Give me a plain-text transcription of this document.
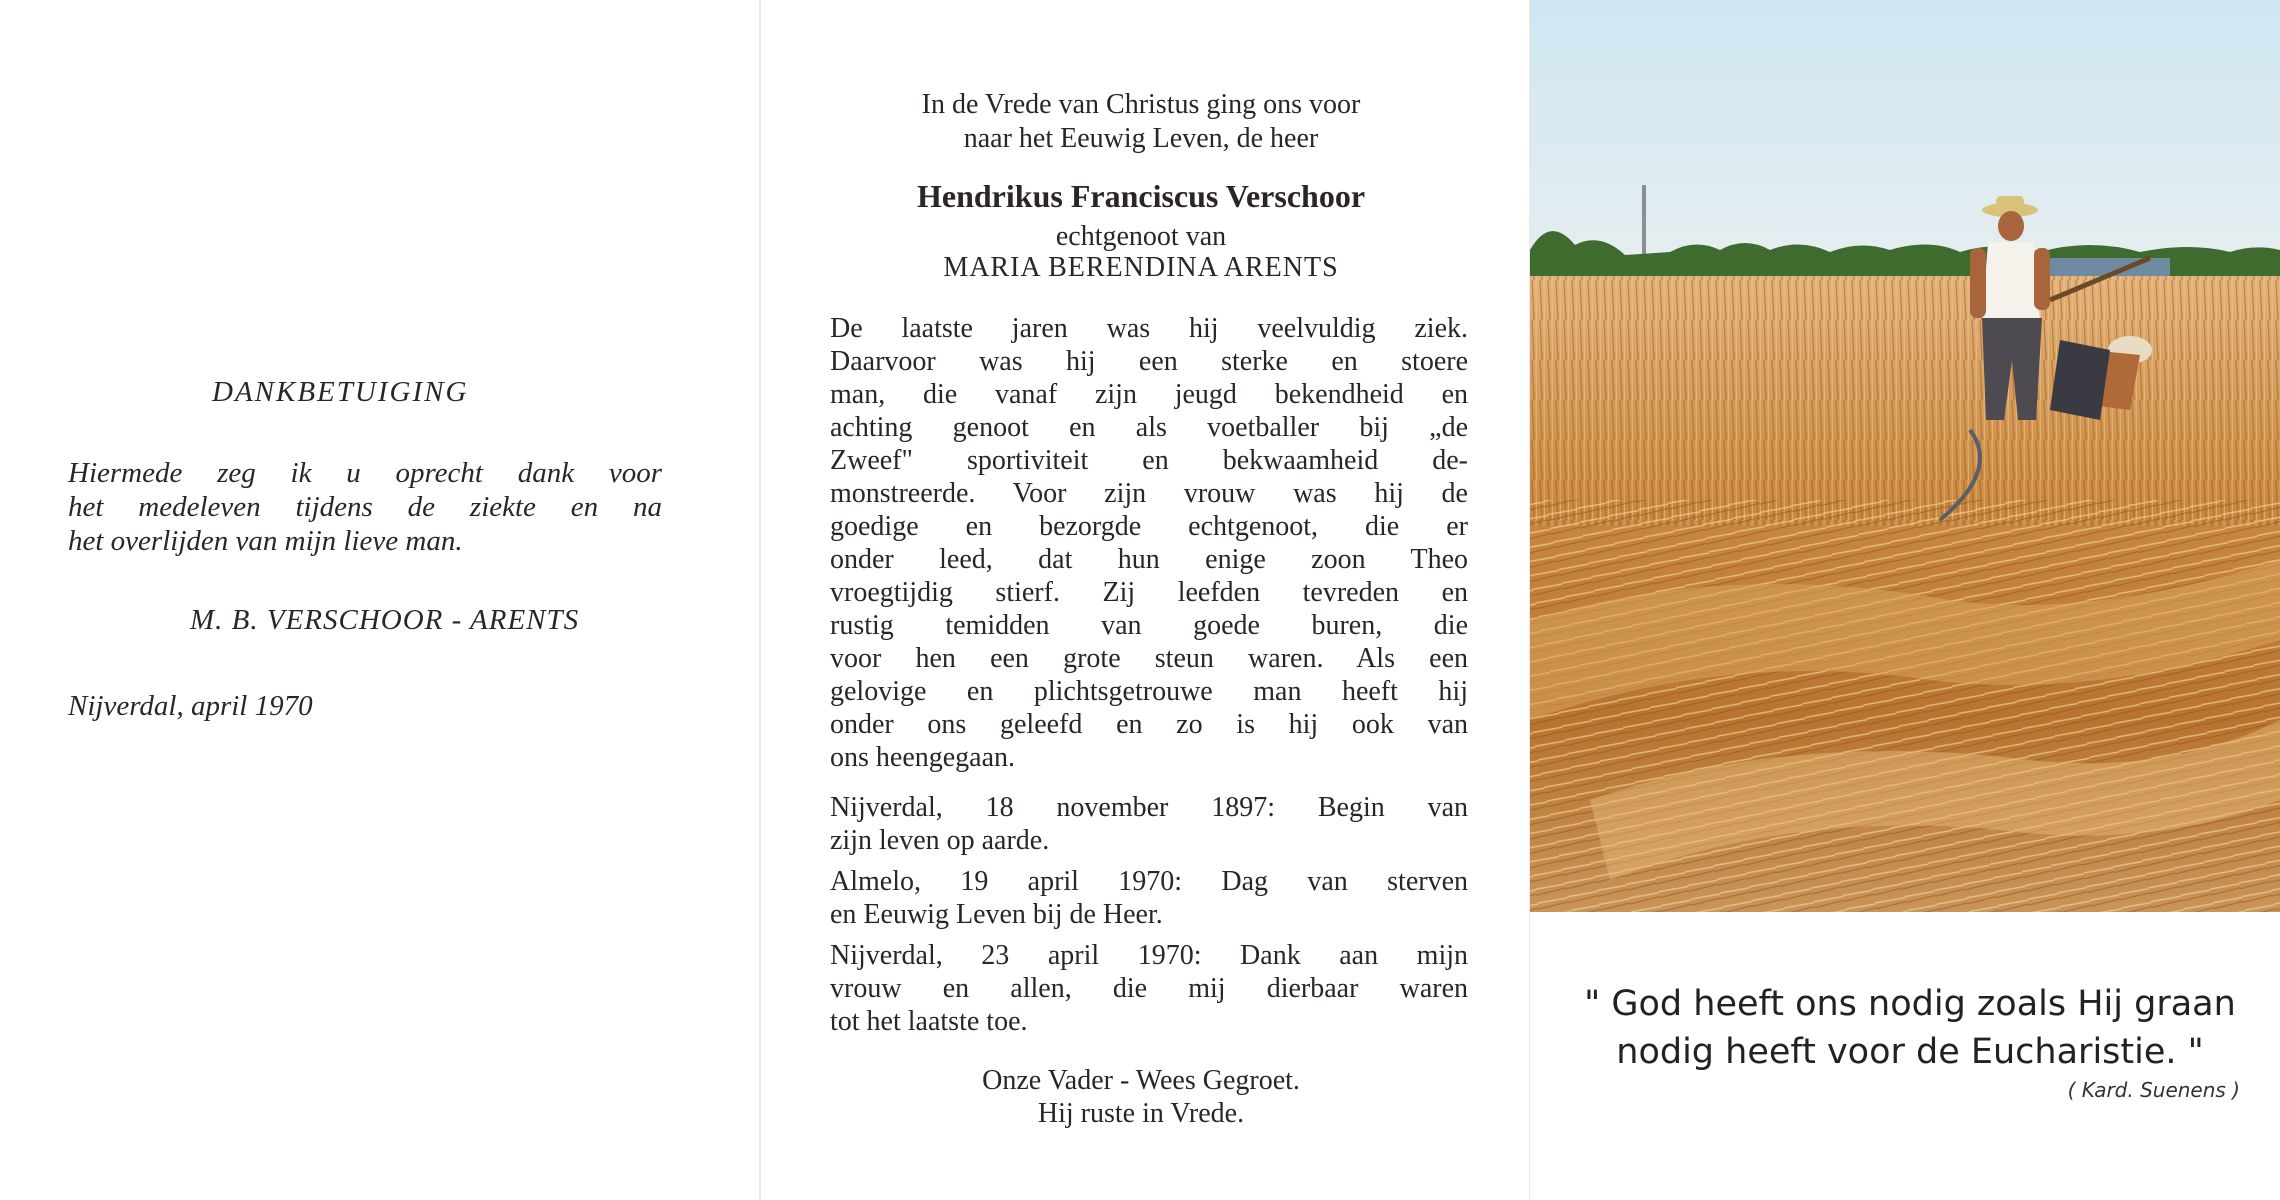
DANKBETUIGING
Hiermede zeg ik u oprecht dank voor
het medeleven tijdens de ziekte en na
het overlijden van mijn lieve man.
M. B. VERSCHOOR - ARENTS
Nijverdal, april 1970
In de Vrede van Christus ging ons voor
naar het Eeuwig Leven, de heer
Hendrikus Franciscus Verschoor
echtgenoot van
MARIA BERENDINA ARENTS
De laatste jaren was hij veelvuldig ziek.
Daarvoor was hij een sterke en stoere
man, die vanaf zijn jeugd bekendheid en
achting genoot en als voetballer bij „de
Zweef" sportiviteit en bekwaamheid de-
monstreerde. Voor zijn vrouw was hij de
goedige en bezorgde echtgenoot, die er
onder leed, dat hun enige zoon Theo
vroegtijdig stierf. Zij leefden tevreden en
rustig temidden van goede buren, die
voor hen een grote steun waren. Als een
gelovige en plichtsgetrouwe man heeft hij
onder ons geleefd en zo is hij ook van
ons heengegaan.
Nijverdal, 18 november 1897: Begin van
zijn leven op aarde.
Almelo, 19 april 1970: Dag van sterven
en Eeuwig Leven bij de Heer.
Nijverdal, 23 april 1970: Dank aan mijn
vrouw en allen, die mij dierbaar waren
tot het laatste toe.
Onze Vader - Wees Gegroet.
Hij ruste in Vrede.
" God heeft ons nodig zoals Hij graan
nodig heeft voor de Eucharistie. "
( Kard. Suenens )
